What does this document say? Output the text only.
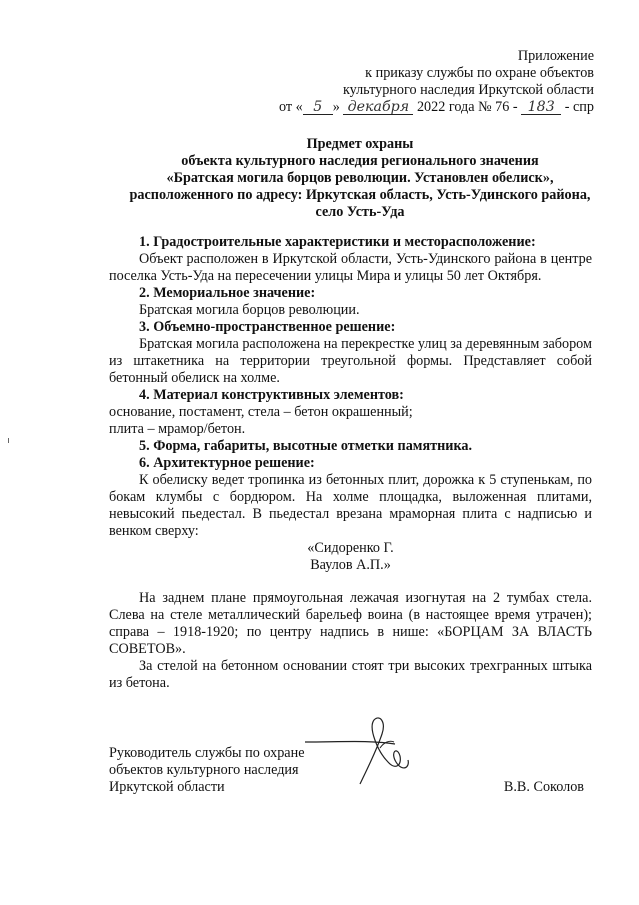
Приложение
к приказу службы по охране объектов
культурного наследия Иркутской области
от « 5 » декабря 2022 года № 76 - 183 - спр
Предмет охраны
объекта культурного наследия регионального значения
«Братская могила борцов революции. Установлен обелиск»,
расположенного по адресу: Иркутская область, Усть-Удинского района,
село Усть-Уда

1. Градостроительные характеристики и месторасположение:

Объект расположен в Иркутской области, Усть-Удинского района в центре поселка Усть-Уда на пересечении улицы Мира и улицы 50 лет Октября.

2. Мемориальное значение:

Братская могила борцов революции.

3. Объемно-пространственное решение:

Братская могила расположена на перекрестке улиц за деревянным забором из штакетника на территории треугольной формы. Представляет собой бетонный обелиск на холме.

4. Материал конструктивных элементов:

основание, постамент, стела – бетон окрашенный;

плита – мрамор/бетон.

5. Форма, габариты, высотные отметки памятника.

6. Архитектурное решение:

К обелиску ведет тропинка из бетонных плит, дорожка к 5 ступенькам, по бокам клумбы с бордюром. На холме площадка, выложенная плитами, невысокий пьедестал. В пьедестал врезана мраморная плита с надписью и венком сверху:

«Сидоренко Г.

Ваулов А.П.»

На заднем плане прямоугольная лежачая изогнутая на 2 тумбах стела. Слева на стеле металлический барельеф воина (в настоящее время утрачен); справа – 1918-1920; по центру надпись в нише: «БОРЦАМ ЗА ВЛАСТЬ СОВЕТОВ».

За стелой на бетонном основании стоят три высоких трехгранных штыка из бетона.

Руководитель службы по охране
объектов культурного наследия
Иркутской области	В.В. Соколов
